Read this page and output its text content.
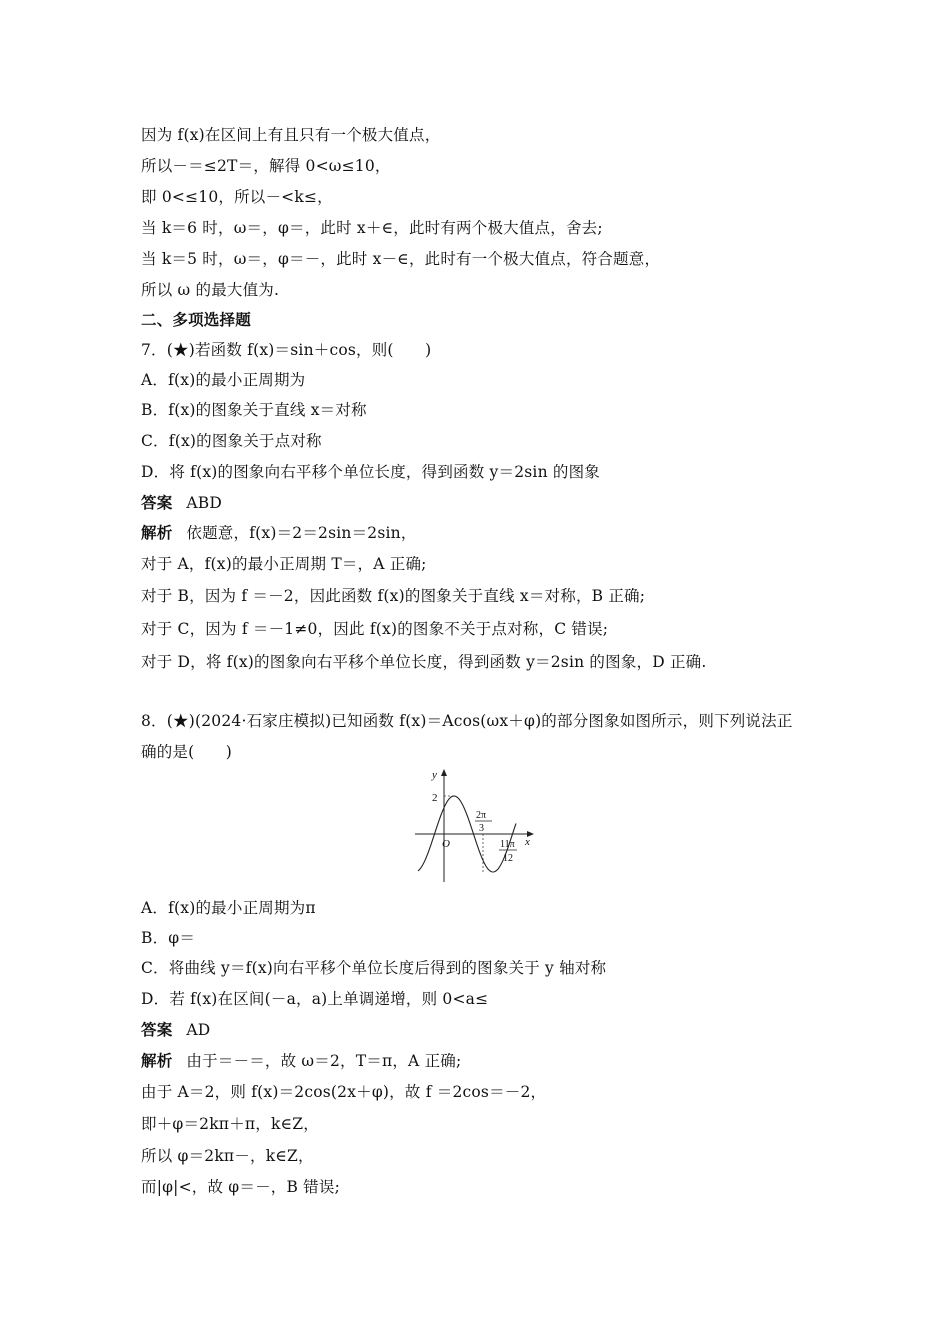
因为 f(x)在区间上有且只有一个极大值点，
所以－＝≤2T＝，解得 0<ω≤10，
即 0<≤10，所以－<k≤，
当 k＝6 时，ω＝，φ＝，此时 x＋∈，此时有两个极大值点，舍去;
当 k＝5 时，ω＝，φ＝－，此时 x－∈，此时有一个极大值点，符合题意，
所以 ω 的最大值为.
二、多项选择题
7．(★)若函数 f(x)＝sin＋cos，则(　　)
A．f(x)的最小正周期为
B．f(x)的图象关于直线 x＝对称
C．f(x)的图象关于点对称
D．将 f(x)的图象向右平移个单位长度，得到函数 y＝2sin 的图象
答案 ABD
解析 依题意，f(x)＝2＝2sin＝2sin，
对于 A，f(x)的最小正周期 T＝，A 正确;
对于 B，因为 f ＝－2，因此函数 f(x)的图象关于直线 x＝对称，B 正确;
对于 C，因为 f ＝－1≠0，因此 f(x)的图象不关于点对称，C 错误;
对于 D，将 f(x)的图象向右平移个单位长度，得到函数 y＝2sin 的图象，D 正确.
8．(★)(2024·石家庄模拟)已知函数 f(x)＝Acos(ωx＋φ)的部分图象如图所示，则下列说法正
确的是(　　)
y
x
2
O
2π
3
11π
12
A．f(x)的最小正周期为π
B．φ＝
C．将曲线 y＝f(x)向右平移个单位长度后得到的图象关于 y 轴对称
D．若 f(x)在区间(－a，a)上单调递增，则 0<a≤
答案 AD
解析 由于＝－＝，故 ω＝2，T＝π，A 正确;
由于 A＝2，则 f(x)＝2cos(2x＋φ)，故 f ＝2cos＝－2，
即＋φ＝2kπ＋π，k∈Z，
所以 φ＝2kπ－，k∈Z，
而|φ|<，故 φ＝－，B 错误;
